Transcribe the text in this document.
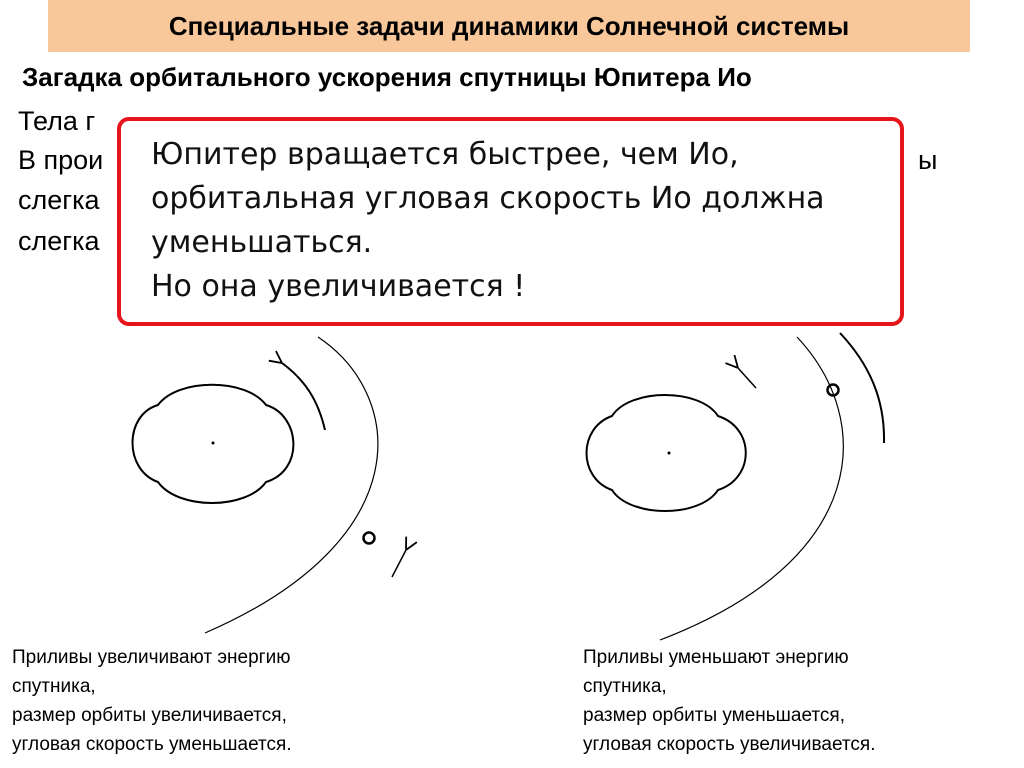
Специальные задачи динамики Солнечной системы
Загадка орбитального ускорения спутницы Юпитера Ио
Тела г
В прои	ы
слегка
слегка
Юпитер вращается быстрее, чем Ио,
орбитальная угловая скорость Ио должна
уменьшаться.
Но она увеличивается !
Приливы увеличивают энергию
спутника,
размер орбиты увеличивается,
угловая скорость уменьшается.
Приливы уменьшают энергию
спутника,
размер орбиты уменьшается,
угловая скорость увеличивается.
